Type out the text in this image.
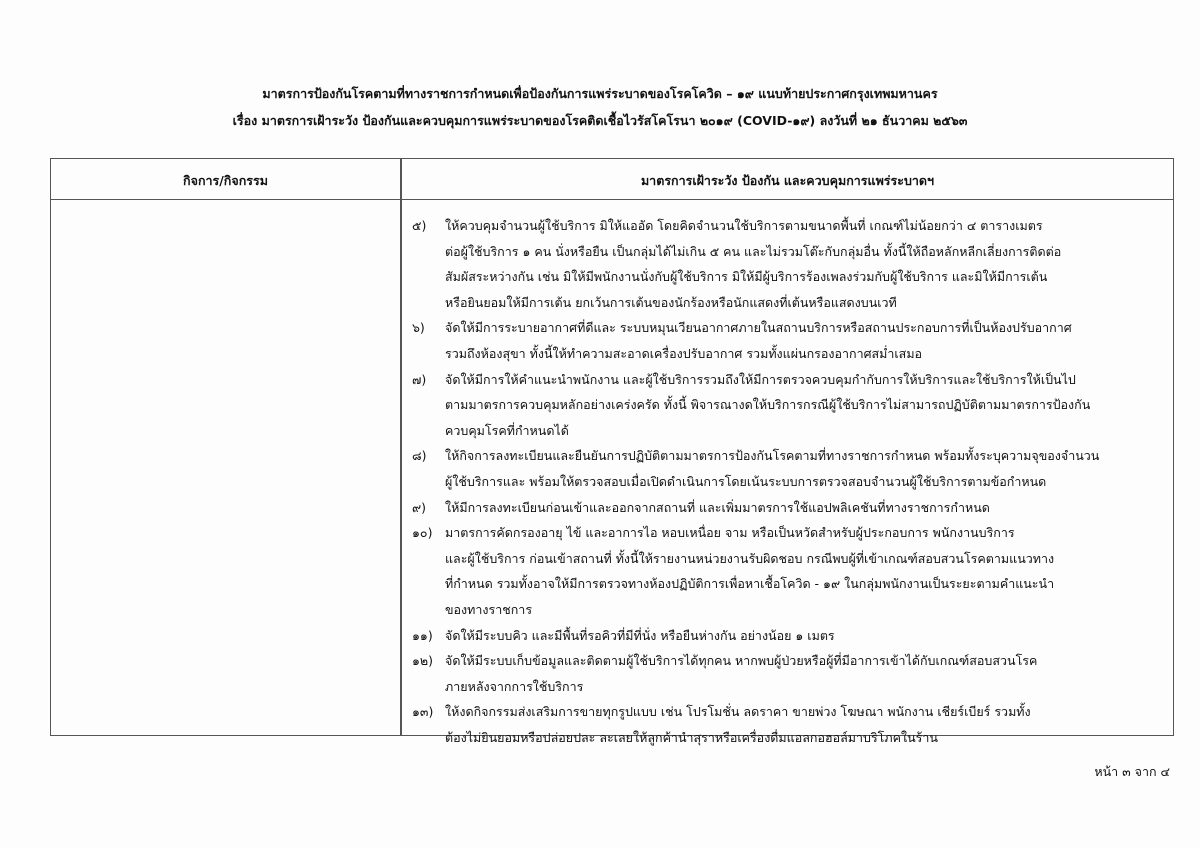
มาตรการป้องกันโรคตามที่ทางราชการกำหนดเพื่อป้องกันการแพร่ระบาดของโรคโควิด – ๑๙ แนบท้ายประกาศกรุงเทพมหานคร
เรื่อง มาตรการเฝ้าระวัง ป้องกันและควบคุมการแพร่ระบาดของโรคติดเชื้อไวรัสโคโรนา ๒๐๑๙ (COVID-๑๙) ลงวันที่ ๒๑ ธันวาคม ๒๕๖๓
กิจการ/กิจกรรม	มาตรการเฝ้าระวัง ป้องกัน และควบคุมการแพร่ระบาดฯ
๕) ให้ควบคุมจำนวนผู้ใช้บริการ มิให้แออัด โดยคิดจำนวนใช้บริการตามขนาดพื้นที่ เกณฑ์ไม่น้อยกว่า ๔ ตารางเมตร
ต่อผู้ใช้บริการ ๑ คน นั่งหรือยืน เป็นกลุ่มได้ไม่เกิน ๕ คน และไม่รวมโต๊ะกับกลุ่มอื่น ทั้งนี้ให้ถือหลักหลีกเลี่ยงการติดต่อ
สัมผัสระหว่างกัน เช่น มิให้มีพนักงานนั่งกับผู้ใช้บริการ มิให้มีผู้บริการร้องเพลงร่วมกับผู้ใช้บริการ และมิให้มีการเต้น
หรือยินยอมให้มีการเต้น ยกเว้นการเต้นของนักร้องหรือนักแสดงที่เต้นหรือแสดงบนเวที
๖) จัดให้มีการระบายอากาศที่ดีและ ระบบหมุนเวียนอากาศภายในสถานบริการหรือสถานประกอบการที่เป็นห้องปรับอากาศ
รวมถึงห้องสุขา ทั้งนี้ให้ทำความสะอาดเครื่องปรับอากาศ รวมทั้งแผ่นกรองอากาศสม่ำเสมอ
๗) จัดให้มีการให้คำแนะนำพนักงาน และผู้ใช้บริการรวมถึงให้มีการตรวจควบคุมกำกับการให้บริการและใช้บริการให้เป็นไป
ตามมาตรการควบคุมหลักอย่างเคร่งครัด ทั้งนี้ พิจารณางดให้บริการกรณีผู้ใช้บริการไม่สามารถปฏิบัติตามมาตรการป้องกัน
ควบคุมโรคที่กำหนดได้
๘) ให้กิจการลงทะเบียนและยืนยันการปฏิบัติตามมาตรการป้องกันโรคตามที่ทางราชการกำหนด พร้อมทั้งระบุความจุของจำนวน
ผู้ใช้บริการและ พร้อมให้ตรวจสอบเมื่อเปิดดำเนินการโดยเน้นระบบการตรวจสอบจำนวนผู้ใช้บริการตามข้อกำหนด
๙) ให้มีการลงทะเบียนก่อนเข้าและออกจากสถานที่ และเพิ่มมาตรการใช้แอปพลิเคชันที่ทางราชการกำหนด
๑๐) มาตรการคัดกรองอายุ ไข้ และอาการไอ หอบเหนื่อย จาม หรือเป็นหวัดสำหรับผู้ประกอบการ พนักงานบริการ
และผู้ใช้บริการ ก่อนเข้าสถานที่ ทั้งนี้ให้รายงานหน่วยงานรับผิดชอบ กรณีพบผู้ที่เข้าเกณฑ์สอบสวนโรคตามแนวทาง
ที่กำหนด รวมทั้งอาจให้มีการตรวจทางห้องปฏิบัติการเพื่อหาเชื้อโควิด - ๑๙ ในกลุ่มพนักงานเป็นระยะตามคำแนะนำ
ของทางราชการ
๑๑) จัดให้มีระบบคิว และมีพื้นที่รอคิวที่มีที่นั่ง หรือยืนห่างกัน อย่างน้อย ๑ เมตร
๑๒) จัดให้มีระบบเก็บข้อมูลและติดตามผู้ใช้บริการได้ทุกคน หากพบผู้ป่วยหรือผู้ที่มีอาการเข้าได้กับเกณฑ์สอบสวนโรค
ภายหลังจากการใช้บริการ
๑๓) ให้งดกิจกรรมส่งเสริมการขายทุกรูปแบบ เช่น โปรโมชั่น ลดราคา ขายพ่วง โฆษณา พนักงาน เชียร์เบียร์ รวมทั้ง
ต้องไม่ยินยอมหรือปล่อยปละ ละเลยให้ลูกค้านำสุราหรือเครื่องดื่มแอลกอฮอล์มาบริโภคในร้าน
หน้า ๓ จาก ๔
